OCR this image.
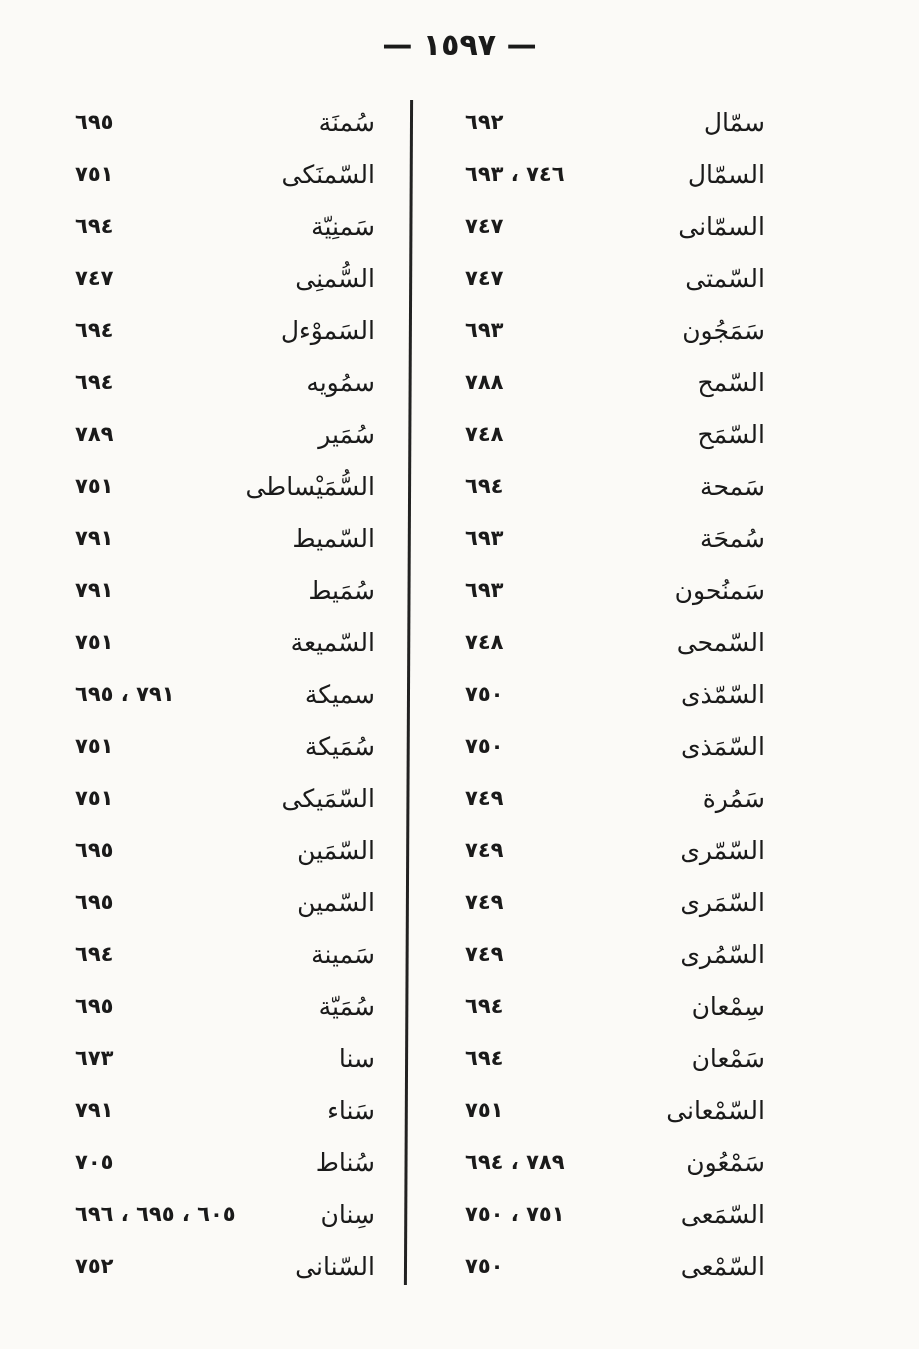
— ١٥٩٧ —
٦٩٢	سمّال
٧٤٦ ، ٦٩٣	السمّال
٧٤٧	السمّانى
٧٤٧	السّمتى
٦٩٣	سَمَجُون
٧٨٨	السّمح
٧٤٨	السّمَح
٦٩٤	سَمحة
٦٩٣	سُمحَة
٦٩٣	سَمنُحون
٧٤٨	السّمحى
٧٥٠	السّمّذى
٧٥٠	السّمَذى
٧٤٩	سَمُرة
٧٤٩	السّمّرى
٧٤٩	السّمَرى
٧٤٩	السّمُرى
٦٩٤	سِمْعان
٦٩٤	سَمْعان
٧٥١	السّمْعانى
٧٨٩ ، ٦٩٤	سَمْعُون
٧٥١ ، ٧٥٠	السّمَعى
٧٥٠	السّمْعى
٦٩٥	سُمنَة
٧٥١	السّمنَكى
٦٩٤	سَمنِيّة
٧٤٧	السُّمنِى
٦٩٤	السَموْءل
٦٩٤	سمُويه
٧٨٩	سُمَير
٧٥١	السُّمَيْساطى
٧٩١	السّميط
٧٩١	سُمَيط
٧٥١	السّميعة
٧٩١ ، ٦٩٥	سميكة
٧٥١	سُمَيكة
٧٥١	السّمَيكى
٦٩٥	السّمَين
٦٩٥	السّمين
٦٩٤	سَمينة
٦٩٥	سُمَيّة
٦٧٣	سنا
٧٩١	سَناء
٧٠٥	سُناط
٦٠٥ ، ٦٩٥ ، ٦٩٦	سِنان
٧٥٢	السّنانى
